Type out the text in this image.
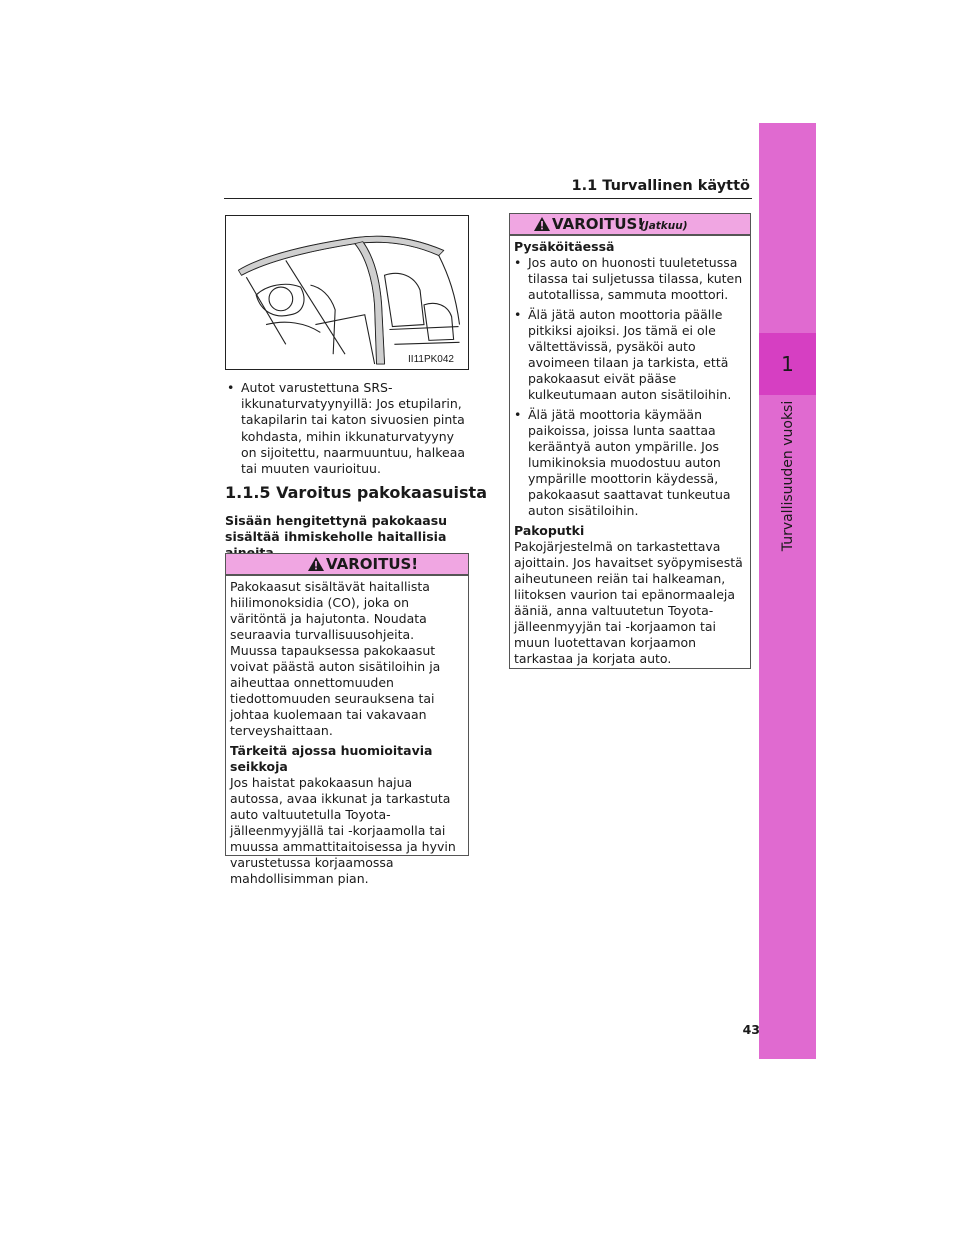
1.1 Turvallinen käyttö
1
Turvallisuuden vuoksi
II11PK042
• Autot varustettuna SRS-ikkunaturvatyynyillä: Jos etupilarin, takapilarin tai katon sivuosien pinta kohdasta, mihin ikkunaturvatyyny on sijoitettu, naarmuuntuu, halkeaa tai muuten vaurioituu.
1.1.5 Varoitus pakokaasuista
Sisään hengitettynä pakokaasu sisältää ihmiskeholle haitallisia
VAROITUS!

Pakokaasut sisältävät haitallista hiilimonoksidia (CO), joka on väritöntä ja hajutonta. Noudata seuraavia turvallisuusohjeita. Muussa tapauksessa pakokaasut voivat päästä auton sisätiloihin ja aiheuttaa onnettomuuden tiedottomuuden seurauksena tai johtaa kuolemaan tai vakavaan terveyshaittaan.

Tärkeitä ajossa huomioitavia seikkoja

Jos haistat pakokaasun hajua autossa, avaa ikkunat ja tarkastuta auto valtuutetulla Toyota-jälleenmyyjällä tai -korjaamolla tai muussa ammattitaitoisessa ja hyvin varustetussa korjaamossa mahdollisimman pian.

VAROITUS!
(Jatkuu)

Pysäköitäessä

• Jos auto on huonosti tuuletetussa tilassa tai suljetussa tilassa, kuten autotallissa, sammuta moottori.
• Älä jätä auton moottoria päälle pitkiksi ajoiksi. Jos tämä ei ole vältettävissä, pysäköi auto avoimeen tilaan ja tarkista, että pakokaasut eivät pääse kulkeutumaan auton sisätiloihin.
• Älä jätä moottoria käymään paikoissa, joissa lunta saattaa kerääntyä auton ympärille. Jos lumikinoksia muodostuu auton ympärille moottorin käydessä, pakokaasut saattavat tunkeutua auton sisätiloihin.

Pakoputki

Pakojärjestelmä on tarkastettava ajoittain. Jos havaitset syöpymisestä aiheutuneen reiän tai halkeaman, liitoksen vaurion tai epänormaaleja ääniä, anna valtuutetun Toyota-jälleenmyyjän tai -korjaamon tai muun luotettavan korjaamon tarkastaa ja korjata auto.

43
